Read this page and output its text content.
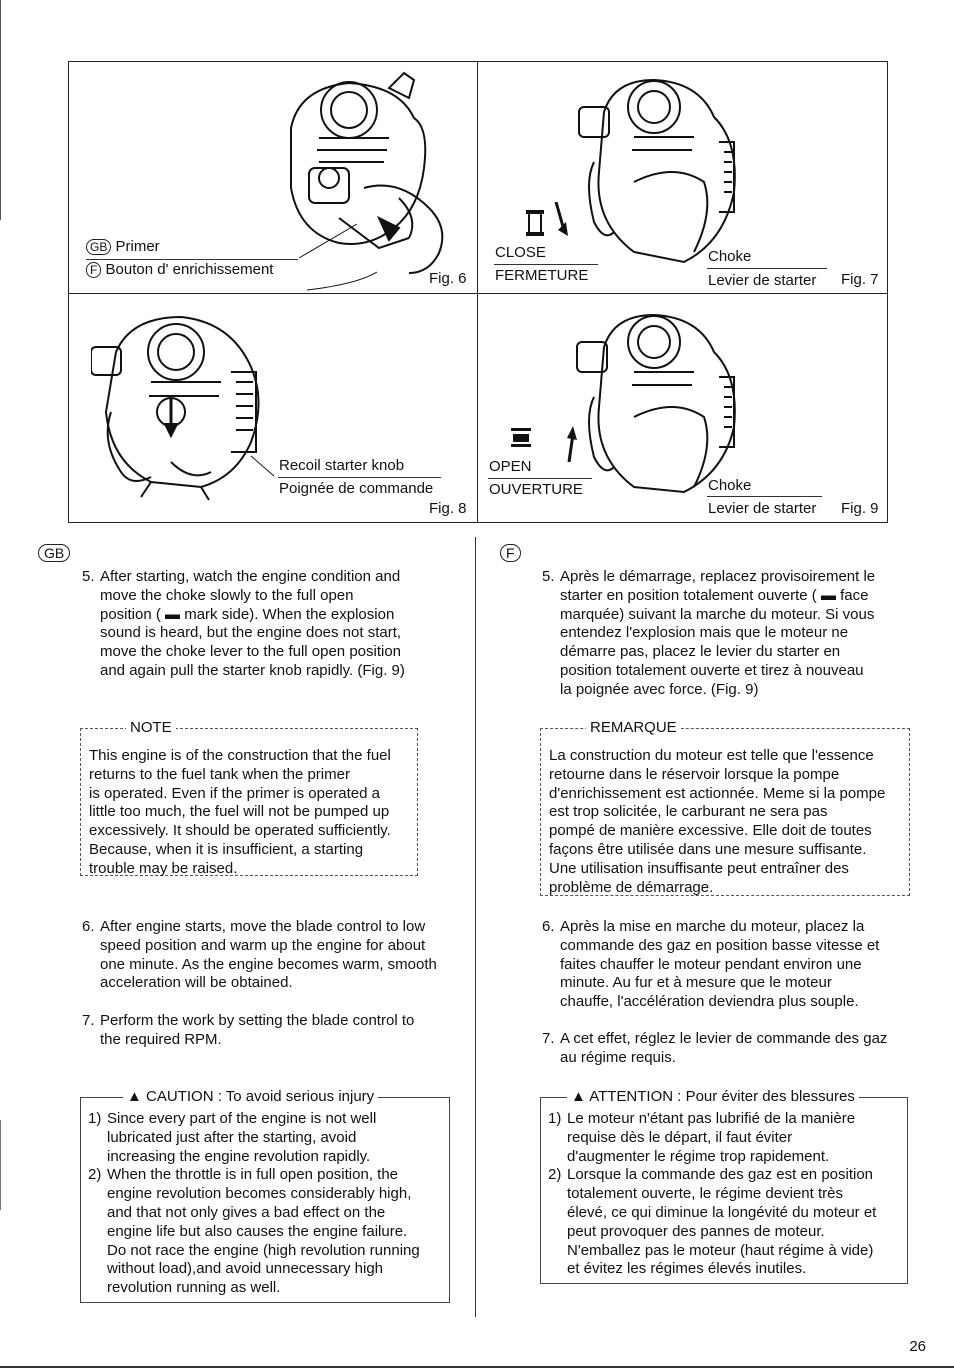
GB Primer
F Bouton d' enrichissement
Fig. 6
CLOSE
FERMETURE
Choke
Levier de starter Fig. 7
Recoil starter knob
Poignée de commande
Fig. 8
OPEN
OUVERTURE	Choke
Levier de starter Fig. 9
GB
5. After starting, watch the engine condition and
move the choke slowly to the full open
position ( ▬ mark side). When the explosion
sound is heard, but the engine does not start,
move the choke lever to the full open position
and again pull the starter knob rapidly. (Fig. 9)
NOTE
This engine is of the construction that the fuel
returns to the fuel tank when the primer
is operated. Even if the primer is operated a
little too much, the fuel will not be pumped up
excessively. It should be operated sufficiently.
Because, when it is insufficient, a starting
trouble may be raised.
6. After engine starts, move the blade control to low
speed position and warm up the engine for about
one minute. As the engine becomes warm, smooth
acceleration will be obtained.
7. Perform the work by setting the blade control to
the required RPM.
▲ CAUTION : To avoid serious injury
1) Since every part of the engine is not well
lubricated just after the starting, avoid
increasing the engine revolution rapidly.
2) When the throttle is in full open position, the
engine revolution becomes considerably high,
and that not only gives a bad effect on the
engine life but also causes the engine failure.
Do not race the engine (high revolution running
without load),and avoid unnecessary high
revolution running as well.
F
5. Après le démarrage, replacez provisoirement le
starter en position totalement ouverte ( ▬ face
marquée) suivant la marche du moteur. Si vous
entendez l'explosion mais que le moteur ne
démarre pas, placez le levier du starter en
position totalement ouverte et tirez à nouveau
la poignée avec force. (Fig. 9)
REMARQUE
La construction du moteur est telle que l'essence
retourne dans le réservoir lorsque la pompe
d'enrichissement est actionnée. Meme si la pompe
est trop solicitée, le carburant ne sera pas
pompé de manière excessive. Elle doit de toutes
façons être utilisée dans une mesure suffisante.
Une utilisation insuffisante peut entraîner des
problème de démarrage.
6. Après la mise en marche du moteur, placez la
commande des gaz en position basse vitesse et
faites chauffer le moteur pendant environ une
minute. Au fur et à mesure que le moteur
chauffe, l'accélération deviendra plus souple.
7. A cet effet, réglez le levier de commande des gaz
au régime requis.
▲ ATTENTION : Pour éviter des blessures
1) Le moteur n'étant pas lubrifié de la manière
requise dès le départ, il faut éviter
d'augmenter le régime trop rapidement.
2) Lorsque la commande des gaz est en position
totalement ouverte, le régime devient très
élevé, ce qui diminue la longévité du moteur et
peut provoquer des pannes de moteur.
N'emballez pas le moteur (haut régime à vide)
et évitez les régimes élevés inutiles.
26
